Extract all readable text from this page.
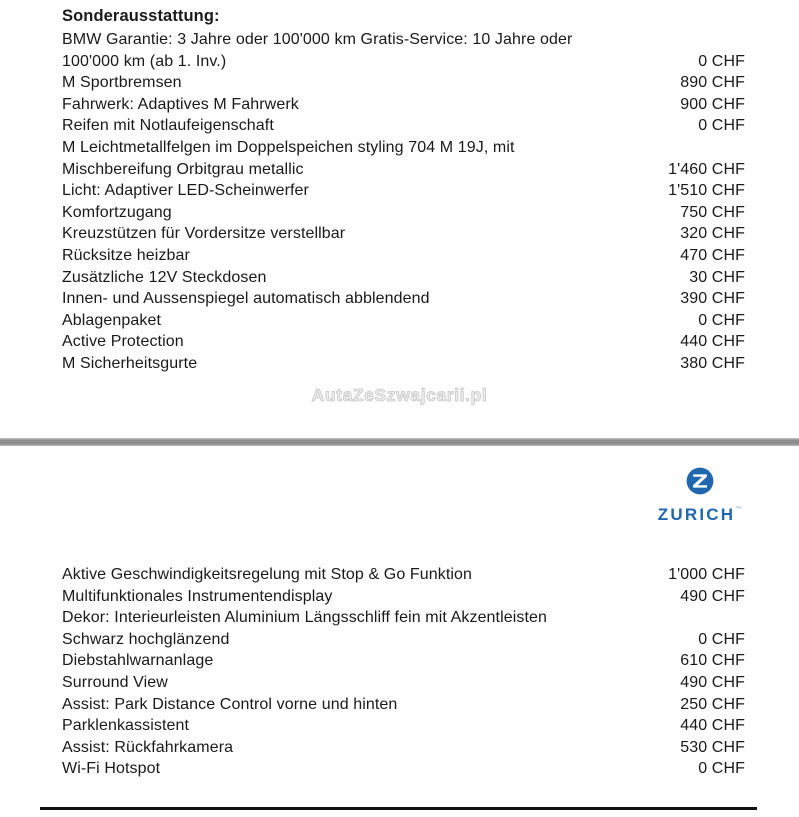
Sonderausstattung:
BMW Garantie: 3 Jahre oder 100'000 km Gratis-Service: 10 Jahre oder
100'000 km (ab 1. Inv.)	0 CHF
M Sportbremsen	890 CHF
Fahrwerk: Adaptives M Fahrwerk	900 CHF
Reifen mit Notlaufeigenschaft	0 CHF
M Leichtmetallfelgen im Doppelspeichen styling 704 M 19J, mit
Mischbereifung Orbitgrau metallic	1'460 CHF
Licht: Adaptiver LED-Scheinwerfer	1'510 CHF
Komfortzugang	750 CHF
Kreuzstützen für Vordersitze verstellbar	320 CHF
Rücksitze heizbar	470 CHF
Zusätzliche 12V Steckdosen	30 CHF
Innen- und Aussenspiegel automatisch abblendend	390 CHF
Ablagenpaket	0 CHF
Active Protection	440 CHF
M Sicherheitsgurte	380 CHF
AutaZeSzwajcarii.pl
ZURICH™
Aktive Geschwindigkeitsregelung mit Stop & Go Funktion	1'000 CHF
Multifunktionales Instrumentendisplay	490 CHF
Dekor: Interieurleisten Aluminium Längsschliff fein mit Akzentleisten
Schwarz hochglänzend	0 CHF
Diebstahlwarnanlage	610 CHF
Surround View	490 CHF
Assist: Park Distance Control vorne und hinten	250 CHF
Parklenkassistent	440 CHF
Assist: Rückfahrkamera	530 CHF
Wi-Fi Hotspot	0 CHF
